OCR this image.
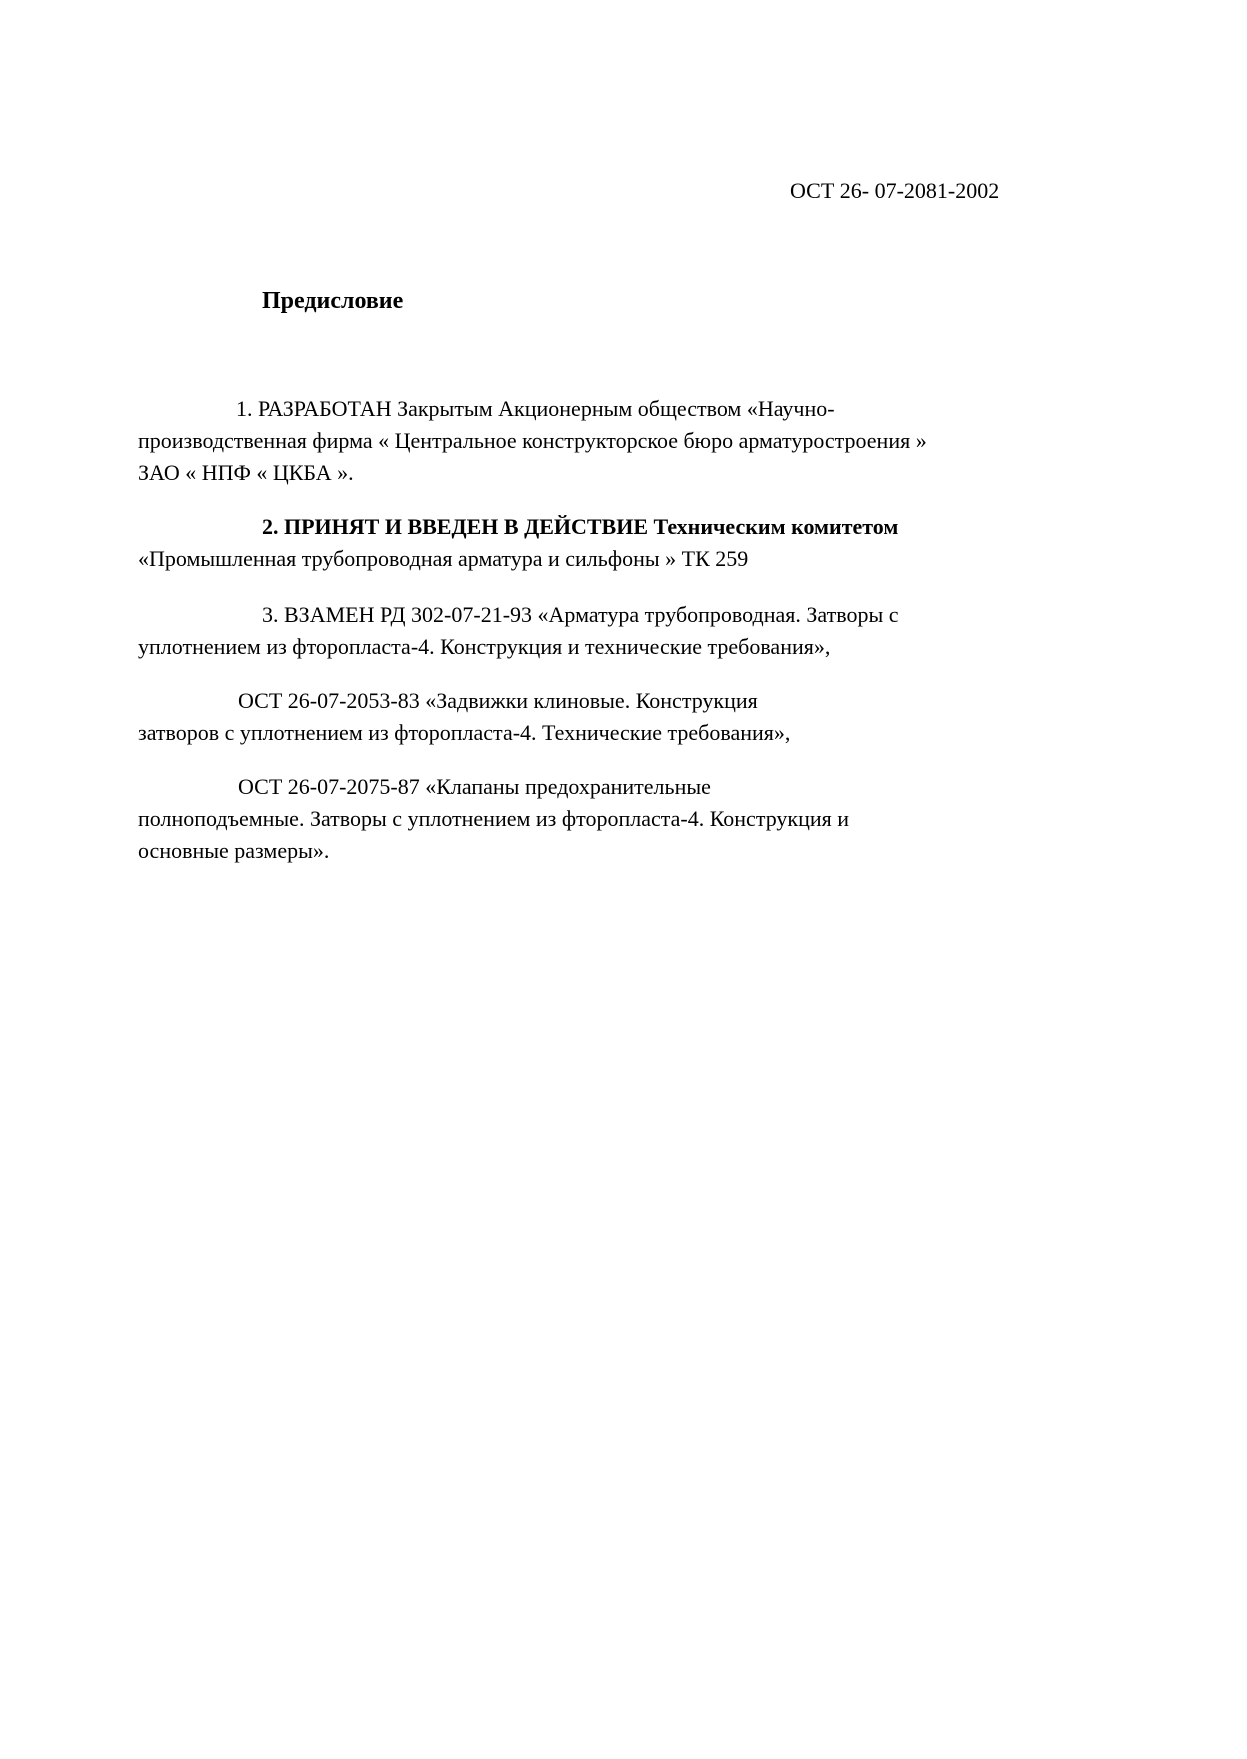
ОСТ 26- 07-2081-2002
Предисловие
1. РАЗРАБОТАН Закрытым Акционерным обществом «Научно-
производственная фирма « Центральное конструкторское бюро арматуростроения »
ЗАО « НПФ « ЦКБА ».
2. ПРИНЯТ И ВВЕДЕН В ДЕЙСТВИЕ Техническим комитетом
«Промышленная трубопроводная арматура и сильфоны » ТК 259
3. ВЗАМЕН РД 302-07-21-93 «Арматура трубопроводная. Затворы с
уплотнением из фторопласта-4. Конструкция и технические требования»,
ОСТ 26-07-2053-83 «Задвижки клиновые. Конструкция
затворов с уплотнением из фторопласта-4. Технические требования»,
ОСТ 26-07-2075-87 «Клапаны предохранительные
полноподъемные. Затворы с уплотнением из фторопласта-4. Конструкция и
основные размеры».
